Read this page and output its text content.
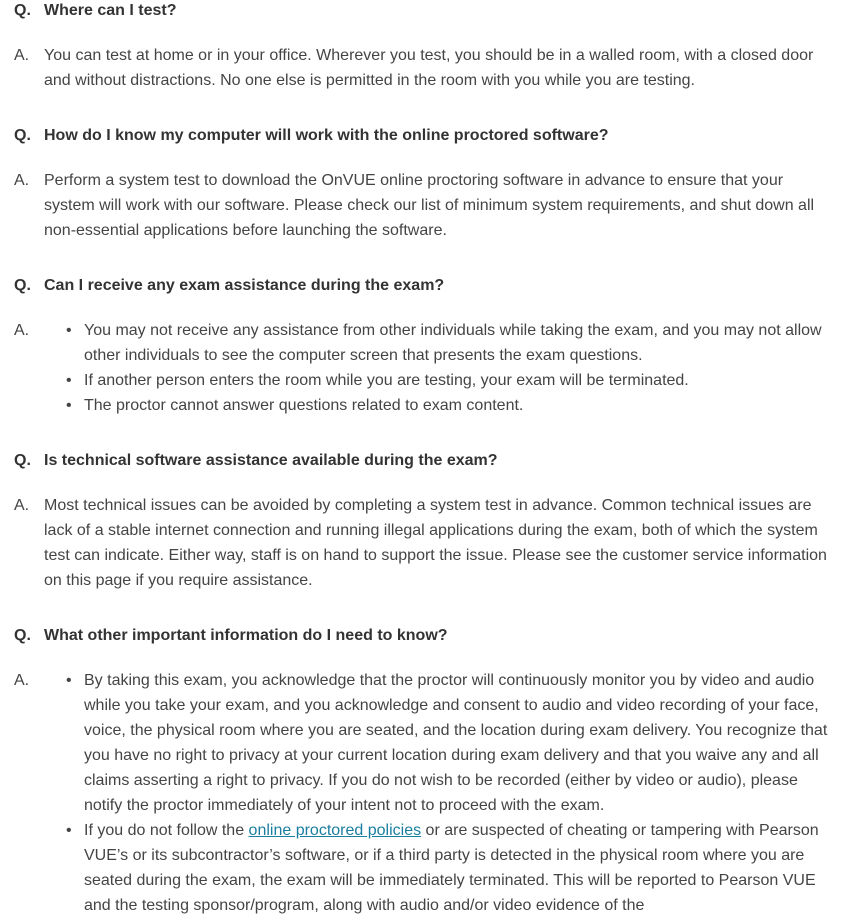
Q. Where can I test?
A. You can test at home or in your office. Wherever you test, you should be in a walled room, with a closed door and without distractions. No one else is permitted in the room with you while you are testing.
Q. How do I know my computer will work with the online proctored software?
A. Perform a system test to download the OnVUE online proctoring software in advance to ensure that your system will work with our software. Please check our list of minimum system requirements, and shut down all non-essential applications before launching the software.
Q. Can I receive any exam assistance during the exam?
A.	• You may not receive any assistance from other individuals while taking the exam, and you may not allow other individuals to see the computer screen that presents the exam questions.
• If another person enters the room while you are testing, your exam will be terminated.
• The proctor cannot answer questions related to exam content.
Q. Is technical software assistance available during the exam?
A. Most technical issues can be avoided by completing a system test in advance. Common technical issues are lack of a stable internet connection and running illegal applications during the exam, both of which the system test can indicate. Either way, staff is on hand to support the issue. Please see the customer service information on this page if you require assistance.
Q. What other important information do I need to know?
A.	• By taking this exam, you acknowledge that the proctor will continuously monitor you by video and audio while you take your exam, and you acknowledge and consent to audio and video recording of your face, voice, the physical room where you are seated, and the location during exam delivery. You recognize that you have no right to privacy at your current location during exam delivery and that you waive any and all claims asserting a right to privacy. If you do not wish to be recorded (either by video or audio), please notify the proctor immediately of your intent not to proceed with the exam.
• If you do not follow the online proctored policies or are suspected of cheating or tampering with Pearson VUE’s or its subcontractor’s software, or if a third party is detected in the physical room where you are seated during the exam, the exam will be immediately terminated. This will be reported to Pearson VUE and the testing sponsor/program, along with audio and/or video evidence of the
